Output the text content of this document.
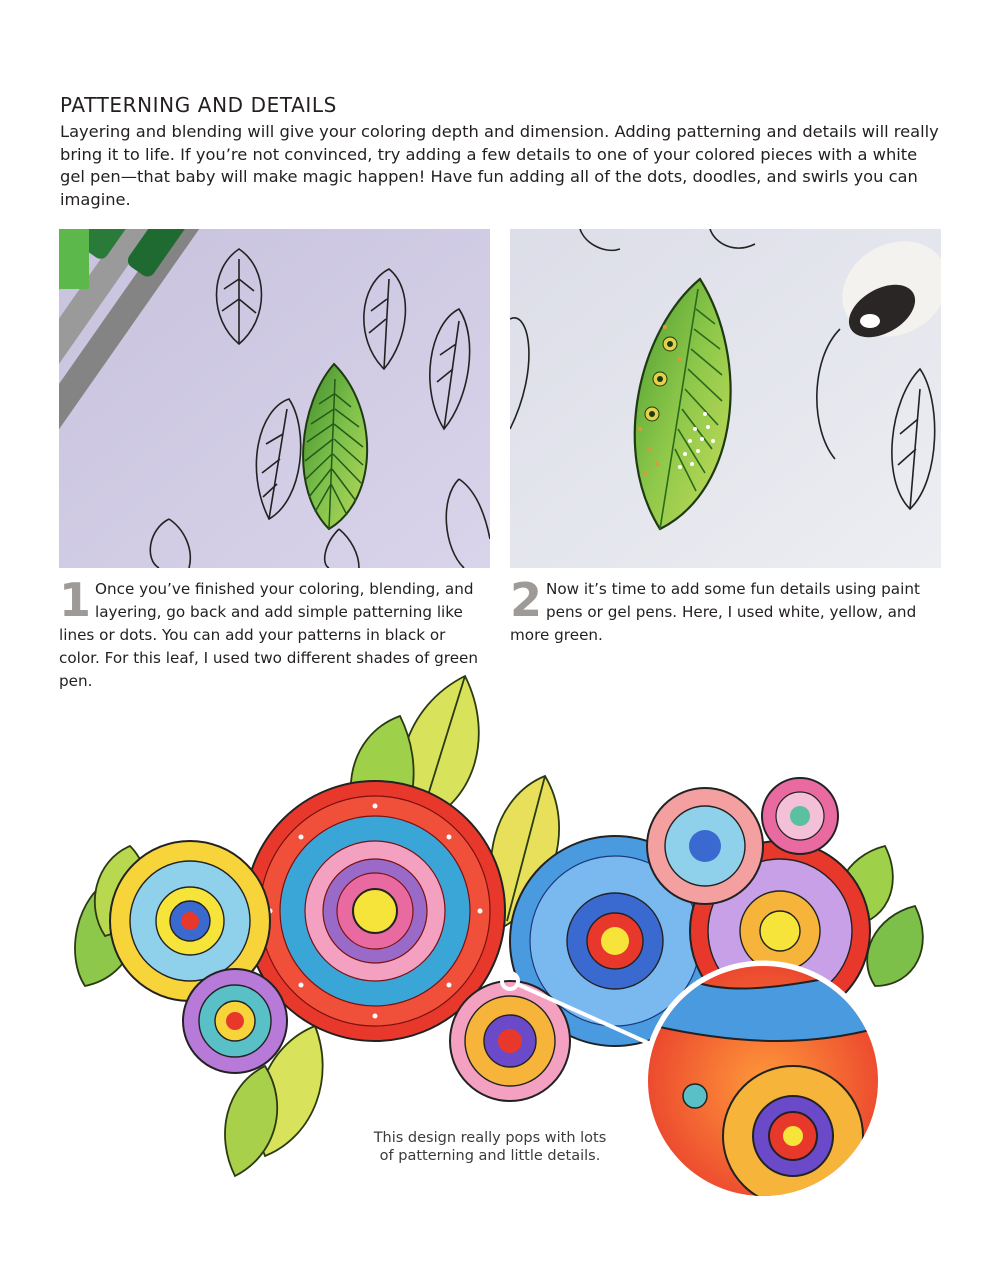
PATTERNING AND DETAILS

Layering and blending will give your coloring depth and dimension. Adding patterning and details will really bring it to life. If you’re not convinced, try adding a few details to one of your colored pieces with a white gel pen—that baby will make magic happen! Have fun adding all of the dots, doodles, and swirls you can imagine.

1 Once you’ve finished your coloring, blending, and layering, go back and add simple patterning like lines or dots. You can add your patterns in black or color. For this leaf, I used two different shades of green pen.

2 Now it’s time to add some fun details using paint pens or gel pens. Here, I used white, yellow, and more green.

This design really pops with lots of patterning and little details.
